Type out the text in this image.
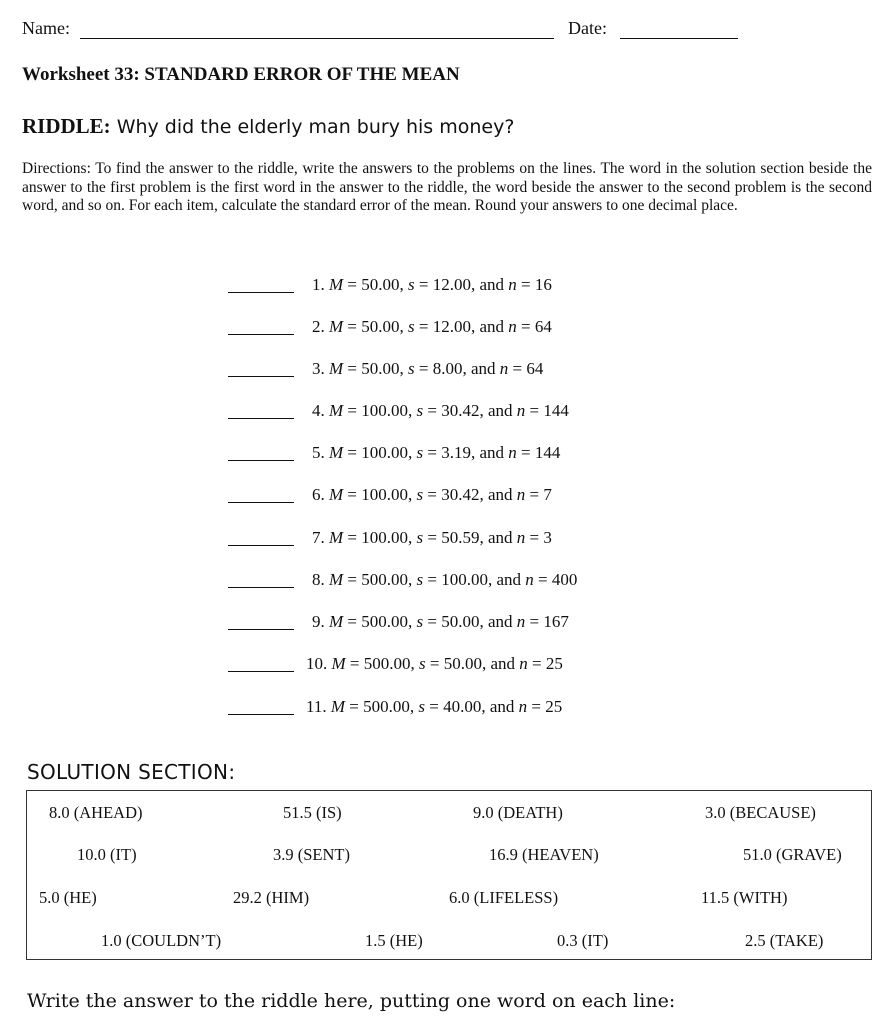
Name:	Date:
Worksheet 33: STANDARD ERROR OF THE MEAN
RIDDLE: Why did the elderly man bury his money?
Directions: To find the answer to the riddle, write the answers to the problems on the lines. The word in the solution section beside the answer to the first problem is the first word in the answer to the riddle, the word beside the answer to the second problem is the second word, and so on. For each item, calculate the standard error of the mean. Round your answers to one decimal place.
1. M = 50.00, s = 12.00, and n = 16
2. M = 50.00, s = 12.00, and n = 64
3. M = 50.00, s = 8.00, and n = 64
4. M = 100.00, s = 30.42, and n = 144
5. M = 100.00, s = 3.19, and n = 144
6. M = 100.00, s = 30.42, and n = 7
7. M = 100.00, s = 50.59, and n = 3
8. M = 500.00, s = 100.00, and n = 400
9. M = 500.00, s = 50.00, and n = 167
10. M = 500.00, s = 50.00, and n = 25
11. M = 500.00, s = 40.00, and n = 25
SOLUTION SECTION:
8.0 (AHEAD)	51.5 (IS)	9.0 (DEATH)	3.0 (BECAUSE)
10.0 (IT)	3.9 (SENT)	16.9 (HEAVEN)	51.0 (GRAVE)
5.0 (HE)	29.2 (HIM)	6.0 (LIFELESS)	11.5 (WITH)
1.0 (COULDN’T)	1.5 (HE)	0.3 (IT)	2.5 (TAKE)
Write the answer to the riddle here, putting one word on each line:
